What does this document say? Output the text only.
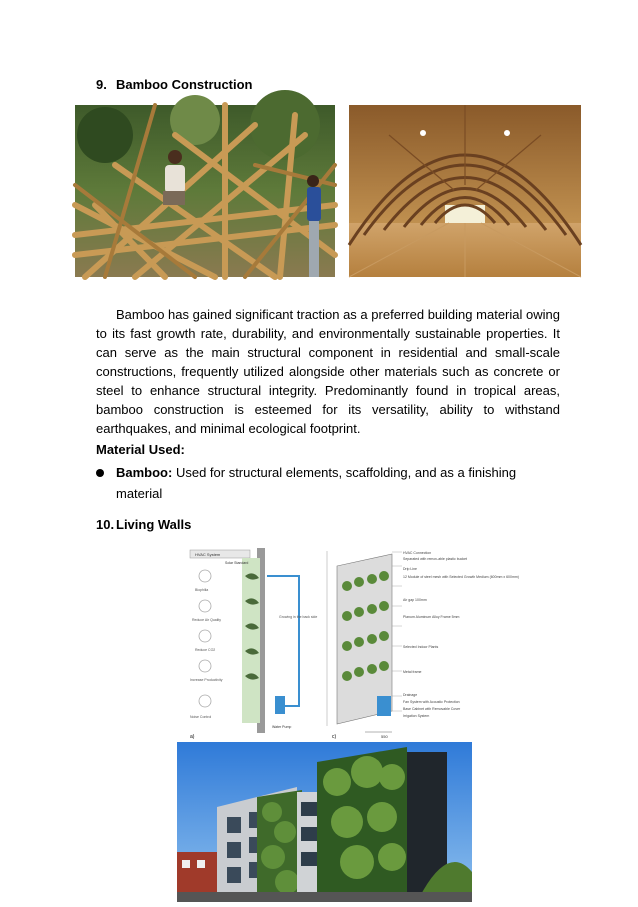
9. Bamboo Construction

Bamboo has gained significant traction as a preferred building material owing to its fast growth rate, durability, and environmentally sustainable properties. It can serve as the main structural component in residential and small-scale constructions, frequently utilized alongside other materials such as concrete or steel to enhance structural integrity. Predominantly found in tropical areas, bamboo construction is esteemed for its versatility, ability to withstand earthquakes, and minimal ecological footprint.

Material Used:
Bamboo: Used for structural elements, scaffolding, and as a finishing material
10. Living Walls
HVAC System
Solar Standard
Biophilia
Reduce Air Quality
Reduce CO2
Increase Productivity
Noise Control
Growing in the back side
Water Pump
a)
HVAC Connection
Separated with remov-able plastic bucket
Drip Line
12 Module of steel mesh with Selected Growth Medium (600mm x 600mm)
Air gap 100mm
Planum Aluminum Alloy Frame 5mm
Selected Indoor Plants
Metal frame
Drainage
Fan System with Acoustic Protection
Base Cabinet with Removable Cover
Irrigation System
550
c)
